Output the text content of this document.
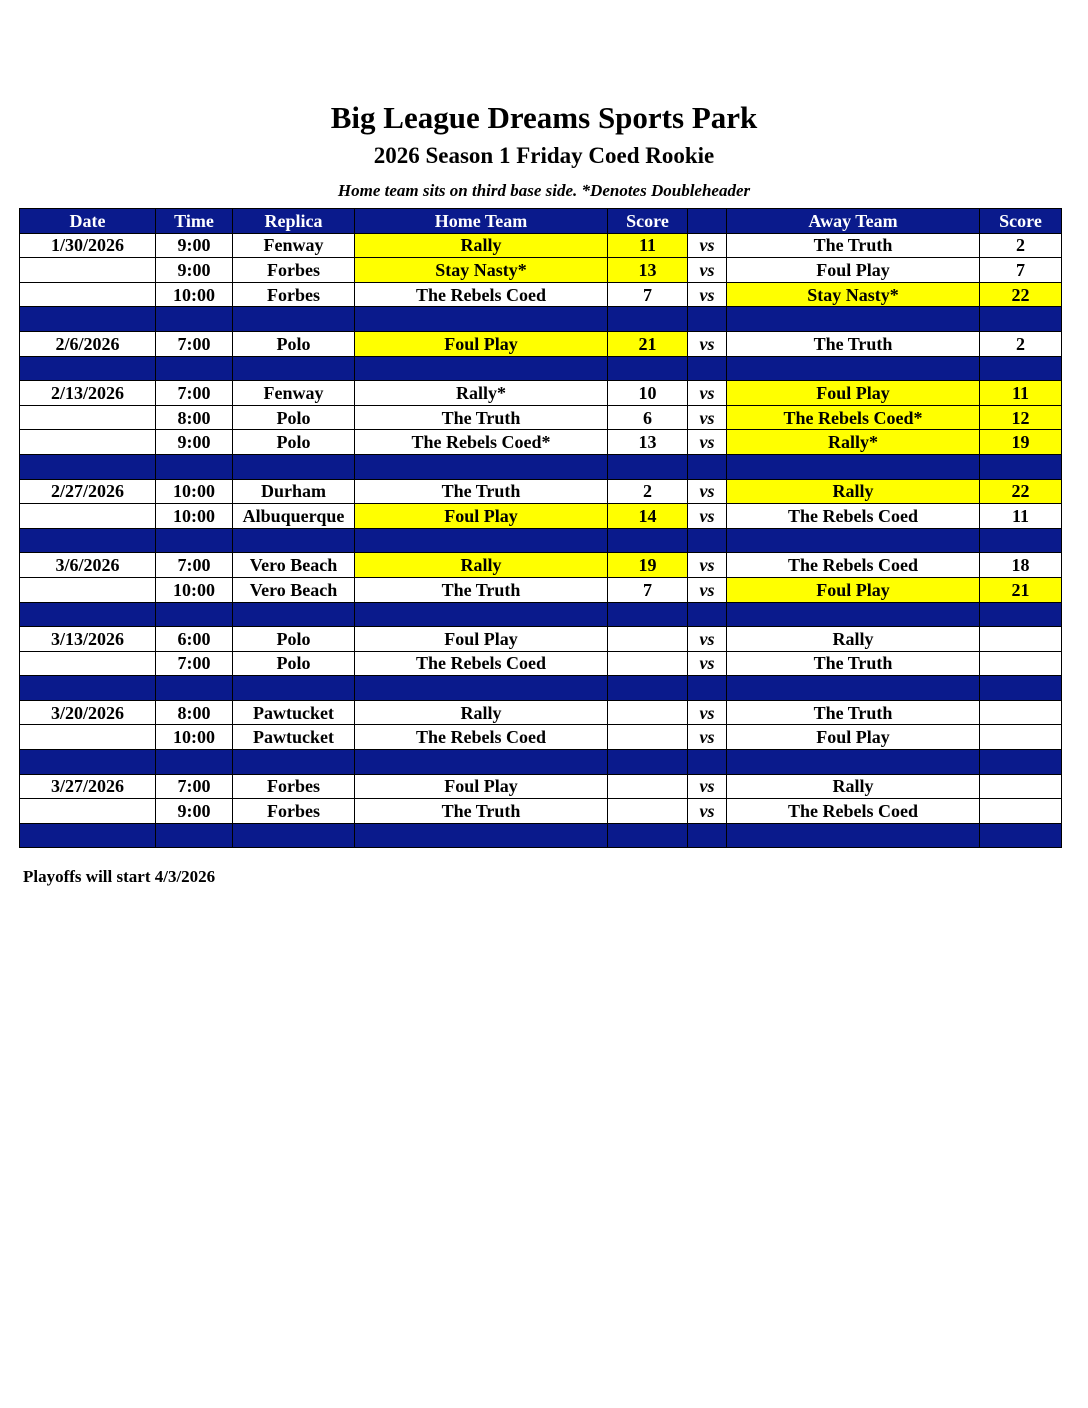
Big League Dreams Sports Park
2026 Season 1 Friday Coed Rookie
Home team sits on third base side. *Denotes Doubleheader
Date	Time	Replica	Home Team	Score		Away Team	Score
1/30/2026	9:00	Fenway	Rally	11	vs	The Truth	2
	9:00	Forbes	Stay Nasty*	13	vs	Foul Play	7
	10:00	Forbes	The Rebels Coed	7	vs	Stay Nasty*	22

2/6/2026	7:00	Polo	Foul Play	21	vs	The Truth	2

2/13/2026	7:00	Fenway	Rally*	10	vs	Foul Play	11
	8:00	Polo	The Truth	6	vs	The Rebels Coed*	12
	9:00	Polo	The Rebels Coed*	13	vs	Rally*	19

2/27/2026	10:00	Durham	The Truth	2	vs	Rally	22
	10:00	Albuquerque	Foul Play	14	vs	The Rebels Coed	11

3/6/2026	7:00	Vero Beach	Rally	19	vs	The Rebels Coed	18
	10:00	Vero Beach	The Truth	7	vs	Foul Play	21

3/13/2026	6:00	Polo	Foul Play		vs	Rally	
	7:00	Polo	The Rebels Coed		vs	The Truth	

3/20/2026	8:00	Pawtucket	Rally		vs	The Truth	
	10:00	Pawtucket	The Rebels Coed		vs	Foul Play	

3/27/2026	7:00	Forbes	Foul Play		vs	Rally	
	9:00	Forbes	The Truth		vs	The Rebels Coed	

Playoffs will start 4/3/2026
